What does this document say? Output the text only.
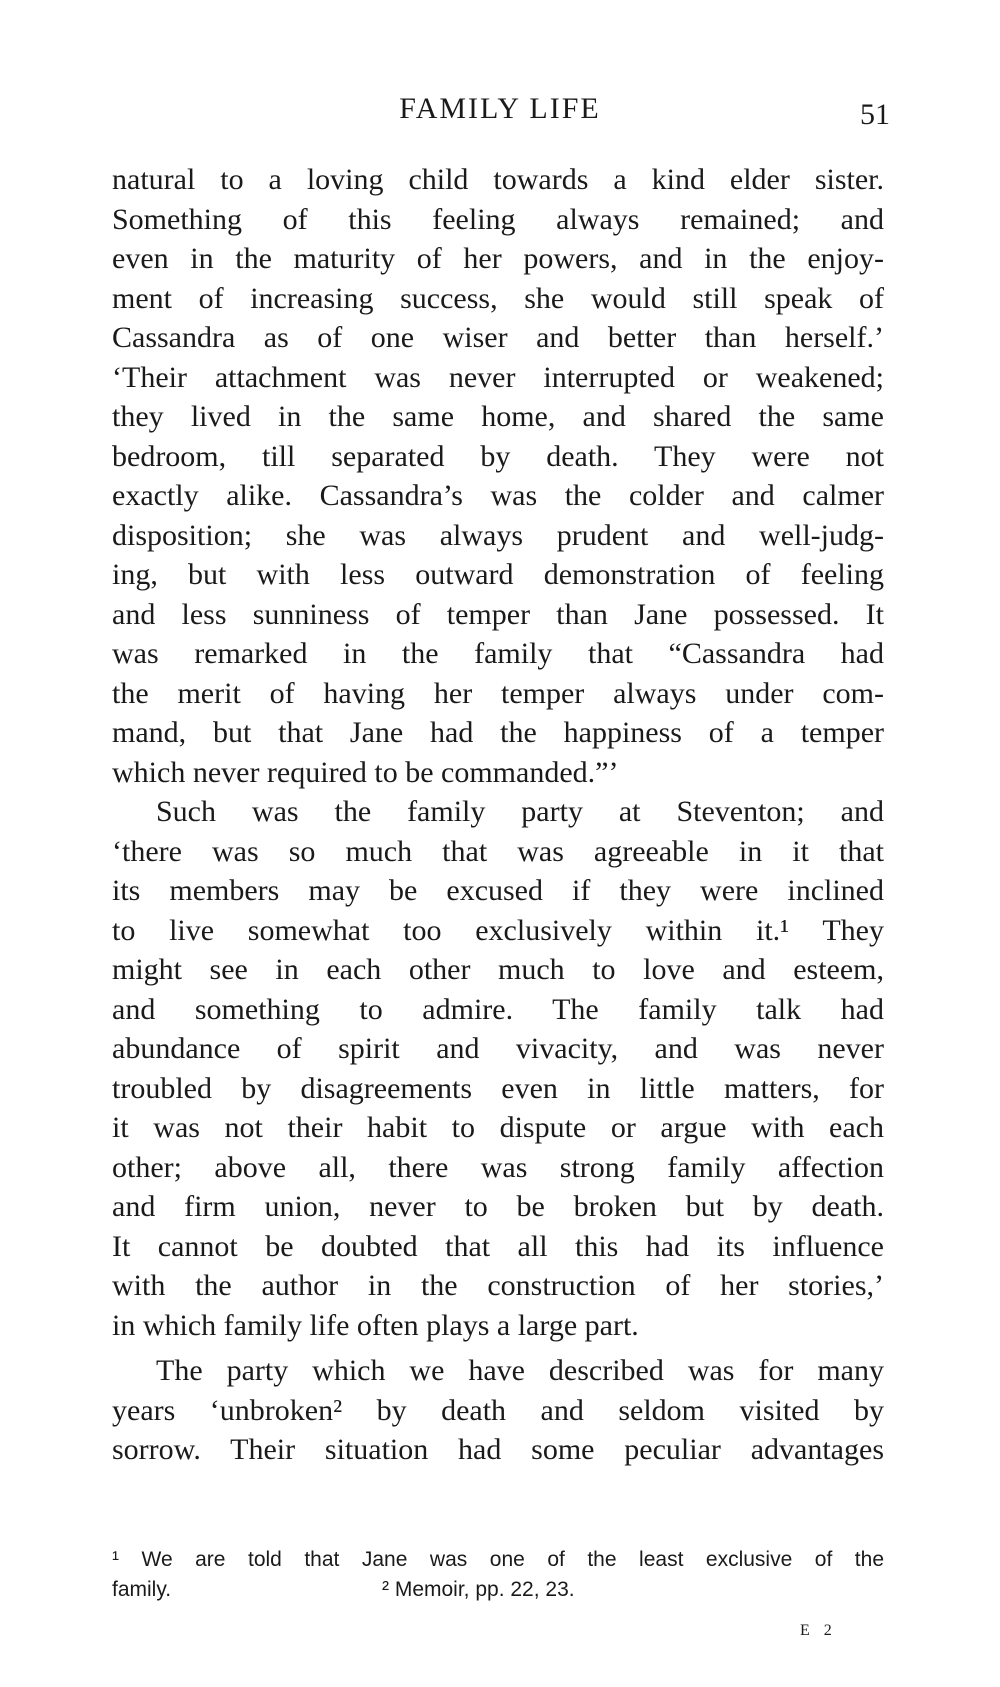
FAMILY LIFE	51
natural to a loving child towards a kind elder sister.
Something of this feeling always remained; and
even in the maturity of her powers, and in the enjoy-
ment of increasing success, she would still speak of
Cassandra as of one wiser and better than herself.’
‘Their attachment was never interrupted or weakened;
they lived in the same home, and shared the same
bedroom, till separated by death. They were not
exactly alike. Cassandra’s was the colder and calmer
disposition; she was always prudent and well-judg-
ing, but with less outward demonstration of feeling
and less sunniness of temper than Jane possessed. It
was remarked in the family that “Cassandra had
the merit of having her temper always under com-
mand, but that Jane had the happiness of a temper
which never required to be commanded.”’
Such was the family party at Steventon; and
‘there was so much that was agreeable in it that
its members may be excused if they were inclined
to live somewhat too exclusively within it.¹ They
might see in each other much to love and esteem,
and something to admire. The family talk had
abundance of spirit and vivacity, and was never
troubled by disagreements even in little matters, for
it was not their habit to dispute or argue with each
other; above all, there was strong family affection
and firm union, never to be broken but by death.
It cannot be doubted that all this had its influence
with the author in the construction of her stories,’
in which family life often plays a large part.
The party which we have described was for many
years ‘unbroken² by death and seldom visited by
sorrow. Their situation had some peculiar advantages
¹ We are told that Jane was one of the least exclusive of the
family.	² Memoir, pp. 22, 23.
E 2
